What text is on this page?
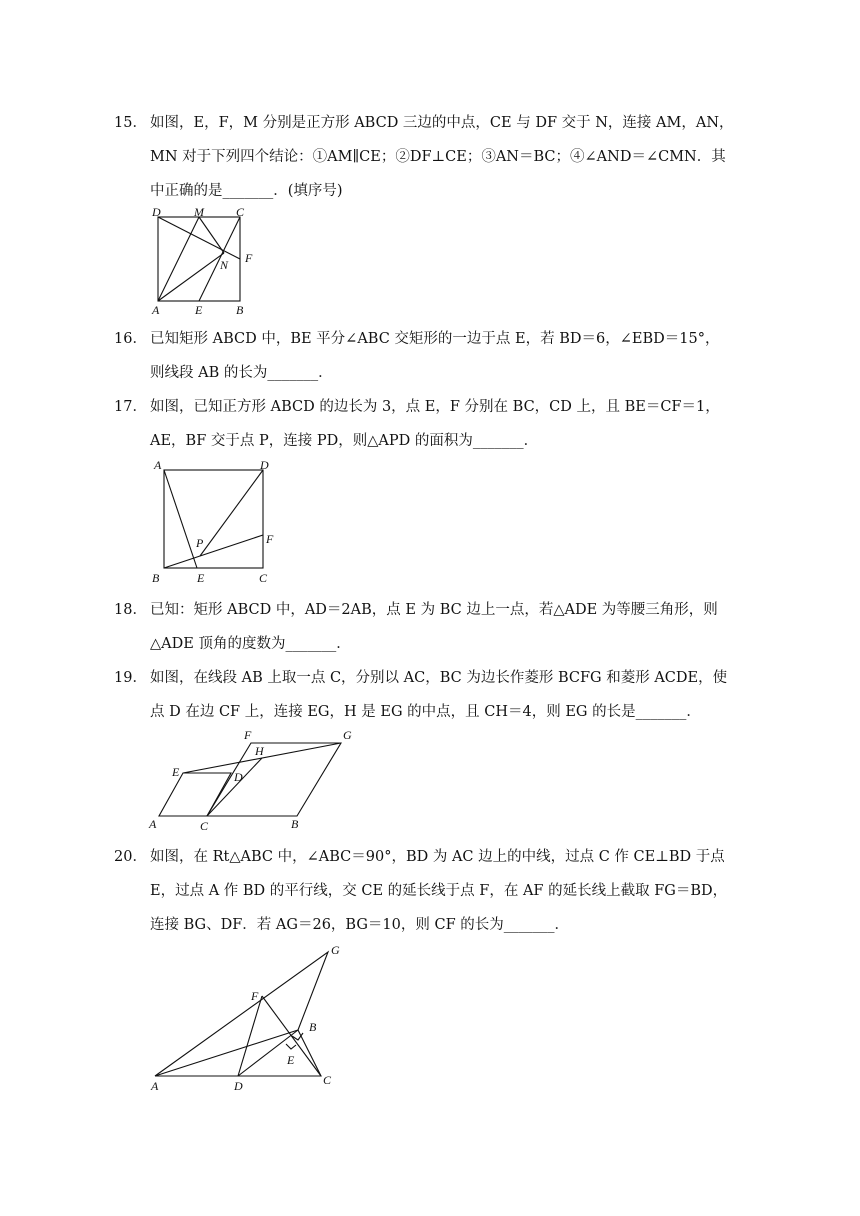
15． 如图，E，F，M 分别是正方形 ABCD 三边的中点，CE 与 DF 交于 N，连接 AM，AN，
MN 对于下列四个结论：①AM∥CE；②DF⊥CE；③AN＝BC；④∠AND＝∠CMN．其
中正确的是_______．(填序号)
D	M	C
F
N
A	E	B
16． 已知矩形 ABCD 中，BE 平分∠ABC 交矩形的一边于点 E，若 BD＝6，∠EBD＝15°，
则线段 AB 的长为_______．
17． 如图，已知正方形 ABCD 的边长为 3，点 E，F 分别在 BC，CD 上，且 BE＝CF＝1，
AE，BF 交于点 P，连接 PD，则△APD 的面积为_______．
A	D
P	F
B	E	C
18． 已知：矩形 ABCD 中，AD＝2AB，点 E 为 BC 边上一点，若△ADE 为等腰三角形，则
△ADE 顶角的度数为_______．
19． 如图，在线段 AB 上取一点 C，分别以 AC，BC 为边长作菱形 BCFG 和菱形 ACDE，使
点 D 在边 CF 上，连接 EG，H 是 EG 的中点，且 CH＝4，则 EG 的长是_______．
F
H
G
E	D
A	C	B
20． 如图，在 Rt△ABC 中，∠ABC＝90°，BD 为 AC 边上的中线，过点 C 作 CE⊥BD 于点
E，过点 A 作 BD 的平行线，交 CE 的延长线于点 F，在 AF 的延长线上截取 FG＝BD，
连接 BG、DF．若 AG＝26，BG＝10，则 CF 的长为_______．
G
F
B
E
A	D	C
